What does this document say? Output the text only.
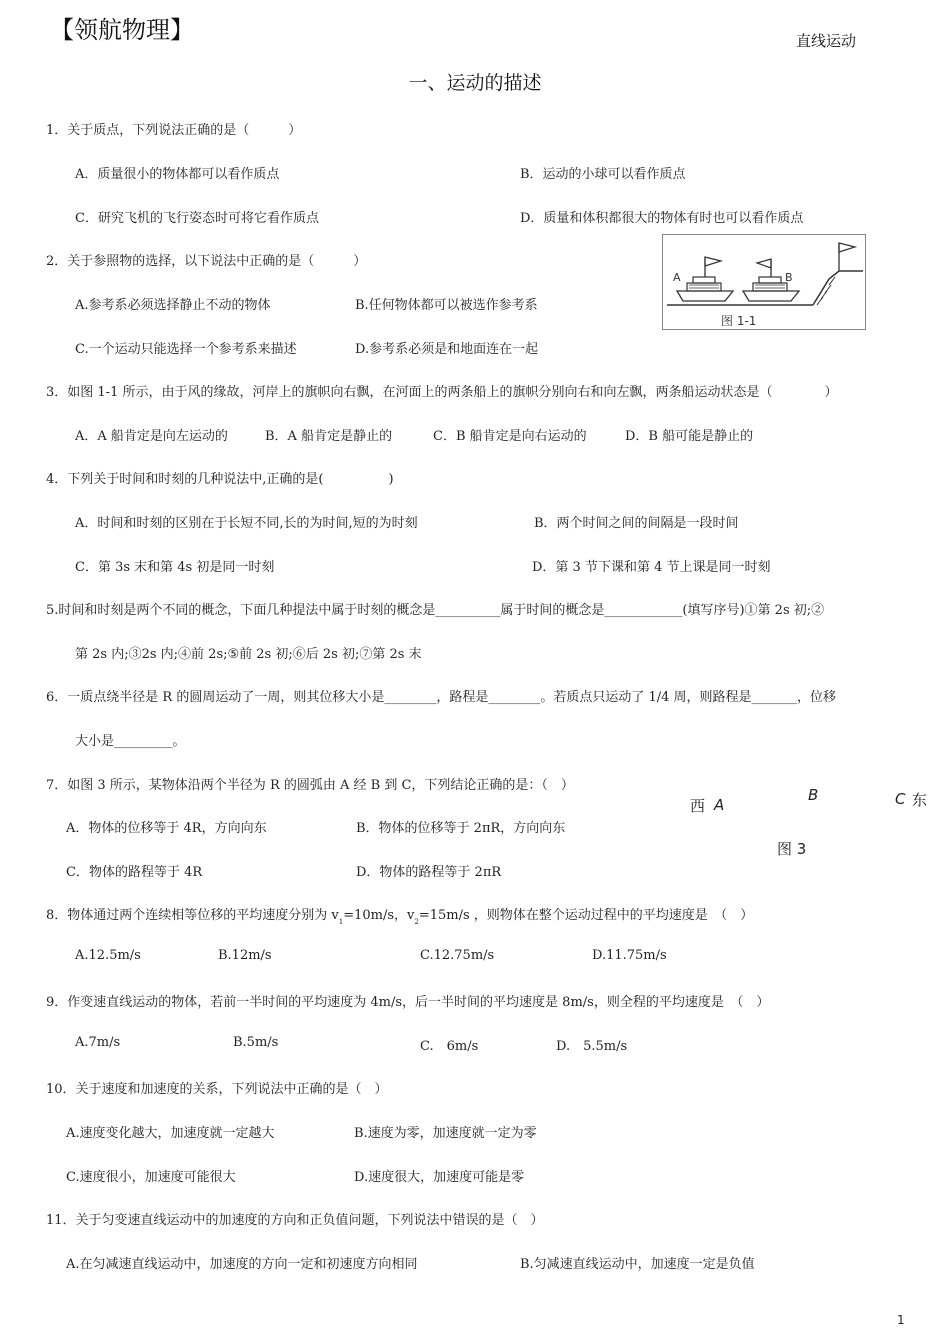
【领航物理】	直线运动
一、运动的描述
1．关于质点，下列说法正确的是（　　　）
A．质量很小的物体都可以看作质点	B．运动的小球可以看作质点
C．研究飞机的飞行姿态时可将它看作质点	D．质量和体积都很大的物体有时也可以看作质点
2．关于参照物的选择，以下说法中正确的是（　　　）
A.参考系必须选择静止不动的物体	B.任何物体都可以被选作参考系
C.一个运动只能选择一个参考系来描述	D.参考系必须是和地面连在一起
A	B
图 1-1
3．如图 1-1 所示，由于风的缘故，河岸上的旗帜向右飘，在河面上的两条船上的旗帜分别向右和向左飘，两条船运动状态是（　　　　）
A．A 船肯定是向左运动的	B．A 船肯定是静止的	C．B 船肯定是向右运动的	D．B 船可能是静止的
4．下列关于时间和时刻的几种说法中,正确的是(　　　　　)
A．时间和时刻的区别在于长短不同,长的为时间,短的为时刻	B．两个时间之间的间隔是一段时间
C．第 3s 末和第 4s 初是同一时刻	D．第 3 节下课和第 4 节上课是同一时刻
5.时间和时刻是两个不同的概念，下面几种提法中属于时刻的概念是__________属于时间的概念是____________(填写序号)①第 2s 初;②
第 2s 内;③2s 内;④前 2s;⑤前 2s 初;⑥后 2s 初;⑦第 2s 末
6．一质点绕半径是 R 的圆周运动了一周，则其位移大小是________，路程是________。若质点只运动了 1/4 周，则路程是_______，位移
大小是_________。
7．如图 3 所示，某物体沿两个半径为 R 的圆弧由 A 经 B 到 C，下列结论正确的是：（　）
A．物体的位移等于 4R，方向向东	B．物体的位移等于 2πR，方向向东
C．物体的路程等于 4R	D．物体的路程等于 2πR
西 A
B	C 东
图 3
8．物体通过两个连续相等位移的平均速度分别为 $v_1=10m/s$，$v_2=15m/s$ ，则物体在整个运动过程中的平均速度是　（　）
A.12.5m/s	B.12m/s	C.12.75m/s	D.11.75m/s
9．作变速直线运动的物体，若前一半时间的平均速度为 4m/s，后一半时间的平均速度是 8m/s，则全程的平均速度是　（　）
A.7m/s	B.5m/s	C.　6m/s	D.　5.5m/s
10．关于速度和加速度的关系，下列说法中正确的是（　）
A.速度变化越大，加速度就一定越大	B.速度为零，加速度就一定为零
C.速度很小，加速度可能很大	D.速度很大，加速度可能是零
11．关于匀变速直线运动中的加速度的方向和正负值问题，下列说法中错误的是（　）
A.在匀减速直线运动中，加速度的方向一定和初速度方向相同	B.匀减速直线运动中，加速度一定是负值
1
